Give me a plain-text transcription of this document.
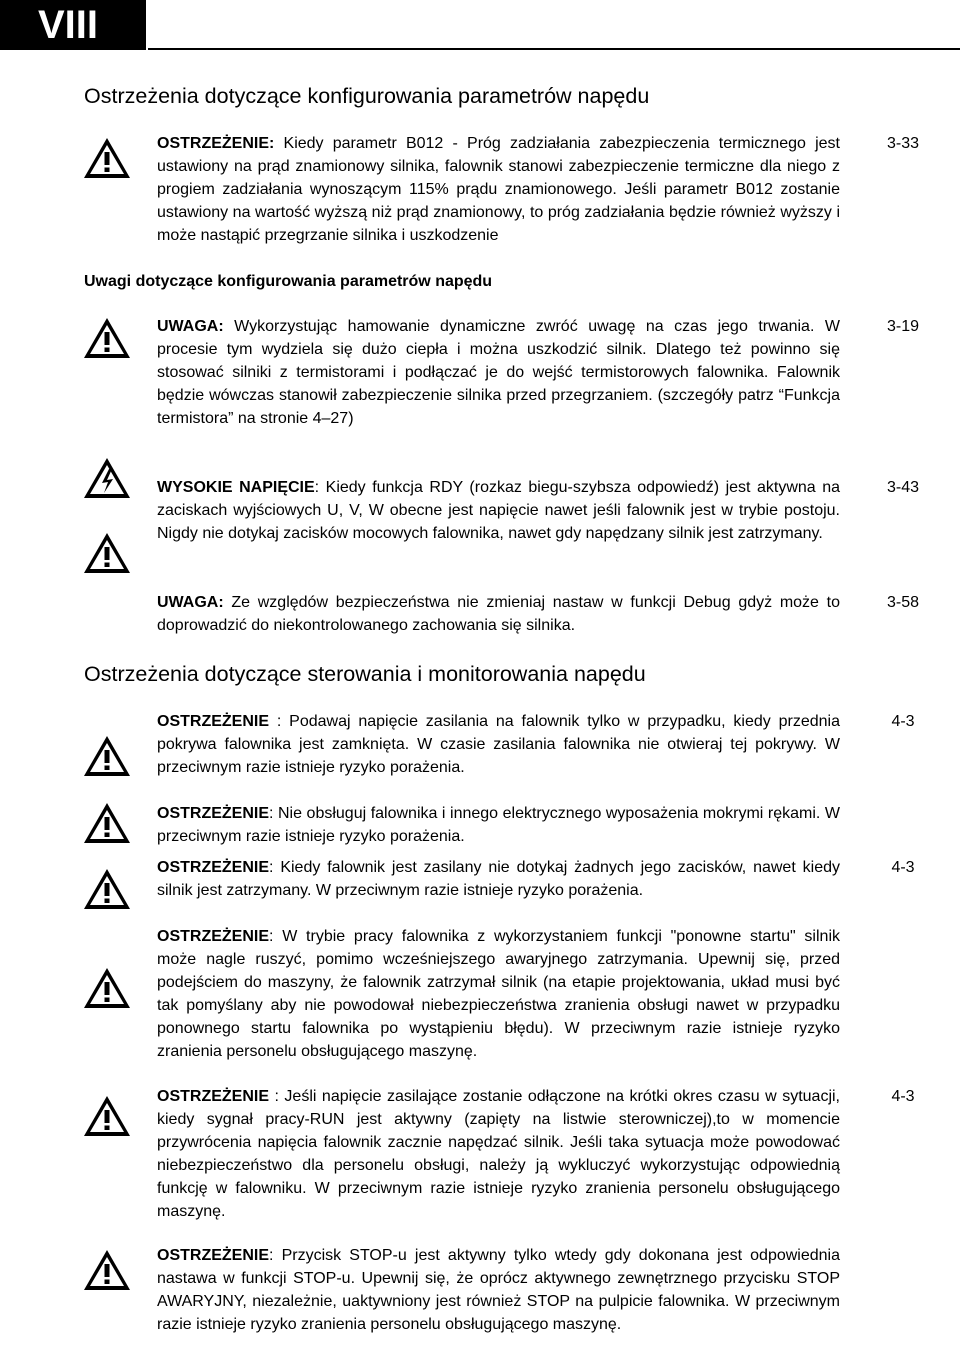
VIII
Ostrzeżenia dotyczące konfigurowania parametrów napędu

OSTRZEŻENIE: Kiedy parametr B012 - Próg zadziałania zabezpieczenia termicznego jest ustawiony na prąd znamionowy silnika, falownik stanowi zabezpieczenie termiczne dla niego z progiem zadziałania wynoszącym 115% prądu znamionowego. Jeśli parametr B012 zostanie ustawiony na wartość wyższą niż prąd znamionowy, to próg zadziałania będzie również wyższy i może nastąpić przegrzanie silnika i uszkodzenie

3-33
Uwagi dotyczące konfigurowania parametrów napędu

UWAGA: Wykorzystując hamowanie dynamiczne zwróć uwagę na czas jego trwania. W procesie tym wydziela się dużo ciepła i można uszkodzić silnik. Dlatego też powinno się stosować silniki z termistorami i podłączać je do wejść termistorowych falownika. Falownik będzie wówczas stanowił zabezpieczenie silnika przed przegrzaniem. (szczegóły patrz “Funkcja termistora” na stronie 4–27)

3-19

WYSOKIE NAPIĘCIE: Kiedy funkcja RDY (rozkaz biegu-szybsza odpowiedź) jest aktywna na zaciskach wyjściowych U, V, W obecne jest napięcie nawet jeśli falownik jest w trybie postoju. Nigdy nie dotykaj zacisków mocowych falownika, nawet gdy napędzany silnik jest zatrzymany.

3-43

UWAGA: Ze względów bezpieczeństwa nie zmieniaj nastaw w funkcji Debug gdyż może to doprowadzić do niekontrolowanego zachowania się silnika.

3-58
Ostrzeżenia dotyczące sterowania i monitorowania napędu

OSTRZEŻENIE : Podawaj napięcie zasilania na falownik tylko w przypadku, kiedy przednia pokrywa falownika jest zamknięta. W czasie zasilania falownika nie otwieraj tej pokrywy. W przeciwnym razie istnieje ryzyko porażenia.

4-3

OSTRZEŻENIE: Nie obsługuj falownika i innego elektrycznego wyposażenia mokrymi rękami. W przeciwnym razie istnieje ryzyko porażenia.

OSTRZEŻENIE: Kiedy falownik jest zasilany nie dotykaj żadnych jego zacisków, nawet kiedy silnik jest zatrzymany. W przeciwnym razie istnieje ryzyko porażenia.

4-3

OSTRZEŻENIE: W trybie pracy falownika z wykorzystaniem funkcji "ponowne startu" silnik może nagle ruszyć, pomimo wcześniejszego awaryjnego zatrzymania. Upewnij się, przed podejściem do maszyny, że falownik zatrzymał silnik (na etapie projektowania, układ musi być tak pomyślany aby nie powodował niebezpieczeństwa zranienia obsługi nawet w przypadku ponownego startu falownika po wystąpieniu błędu). W przeciwnym razie istnieje ryzyko zranienia personelu obsługującego maszynę.

OSTRZEŻENIE : Jeśli napięcie zasilające zostanie odłączone na krótki okres czasu w sytuacji, kiedy sygnał pracy-RUN jest aktywny (zapięty na listwie sterowniczej),to w momencie przywrócenia napięcia falownik zacznie napędzać silnik. Jeśli taka sytuacja może powodować niebezpieczeństwo dla personelu obsługi, należy ją wykluczyć wykorzystując odpowiednią funkcję w falowniku. W przeciwnym razie istnieje ryzyko zranienia personelu obsługującego maszynę.

4-3

OSTRZEŻENIE: Przycisk STOP-u jest aktywny tylko wtedy gdy dokonana jest odpowiednia nastawa w funkcji STOP-u. Upewnij się, że oprócz aktywnego zewnętrznego przycisku STOP AWARYJNY, niezależnie, uaktywniony jest również STOP na pulpicie falownika. W przeciwnym razie istnieje ryzyko zranienia personelu obsługującego maszynę.
